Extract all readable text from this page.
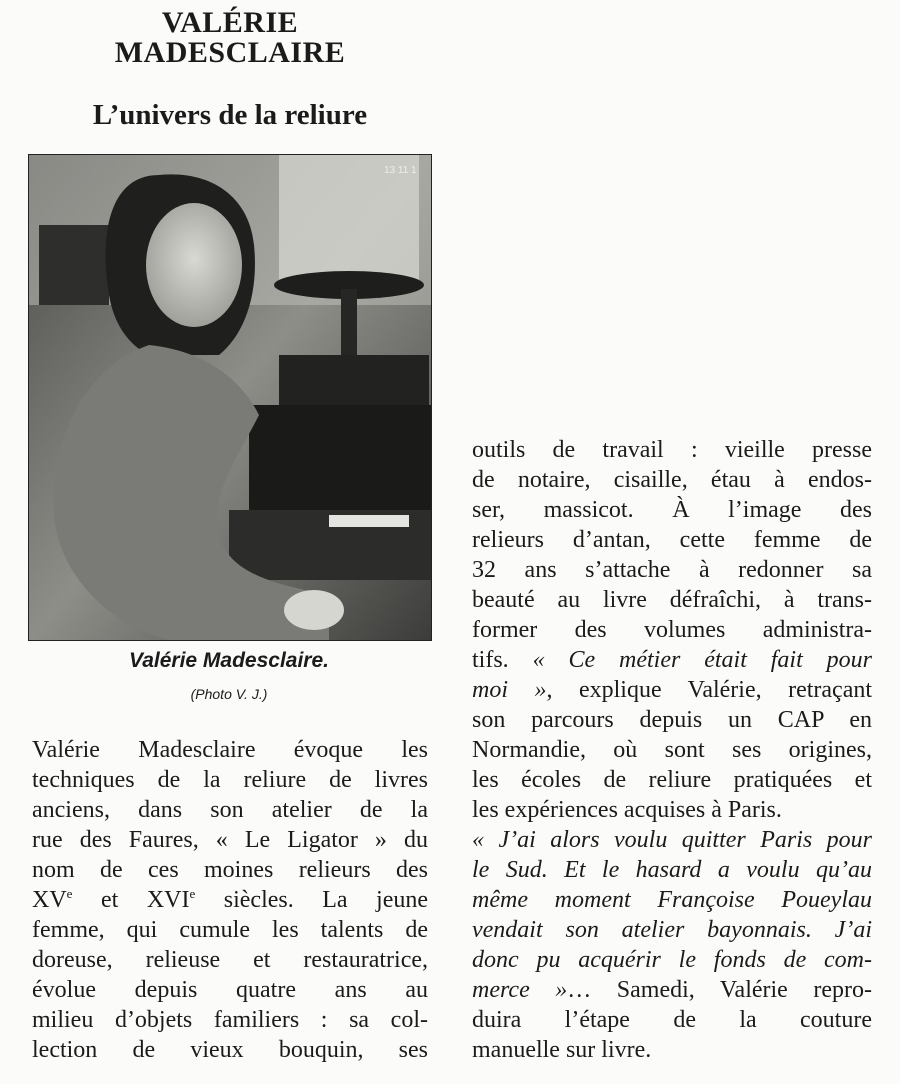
VALÉRIE
MADESCLAIRE
L’univers de la reliure
13 11 1
Valérie Madesclaire.
(Photo V. J.)
Valérie Madesclaire évoque les
techniques de la reliure de livres
anciens, dans son atelier de la
rue des Faures, « Le Ligator » du
nom de ces moines relieurs des
XVe et XVIe siècles. La jeune
femme, qui cumule les talents de
doreuse, relieuse et restauratrice,
évolue depuis quatre ans au
milieu d’objets familiers : sa col-
lection de vieux bouquin, ses
outils de travail : vieille presse
de notaire, cisaille, étau à endos-
ser, massicot. À l’image des
relieurs d’antan, cette femme de
32 ans s’attache à redonner sa
beauté au livre défraîchi, à trans-
former des volumes administra-
tifs. « Ce métier était fait pour
moi », explique Valérie, retraçant
son parcours depuis un CAP en
Normandie, où sont ses origines,
les écoles de reliure pratiquées et
les expériences acquises à Paris.
« J’ai alors voulu quitter Paris pour
le Sud. Et le hasard a voulu qu’au
même moment Françoise Poueylau
vendait son atelier bayonnais. J’ai
donc pu acquérir le fonds de com-
merce »… Samedi, Valérie repro-
duira l’étape de la couture
manuelle sur livre.
